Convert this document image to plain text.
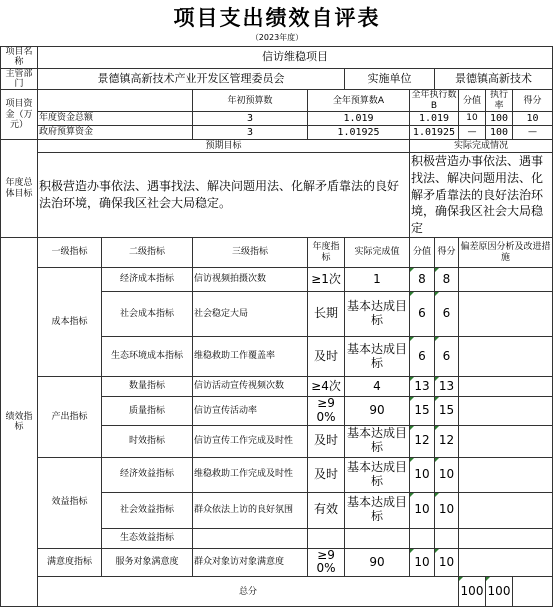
项目支出绩效自评表
（2023年度）
项目名称	信访维稳项目									
主管部门	景德镇高新技术产业开发区管理委员会				实施单位		景德镇高新技术			
项目资金（万元）			年初预算数	全年预算数A		全年执行数B		分值	执行率	得分
	年度资金总额		3	1.019		1.019		10	100	10
	政府预算资金		3	1.01925		1.01925		—	100	—
年度总体目标	预期目标					实际完成情况				
	积极营造办事依法、遇事找法、解决问题用法、化解矛盾靠法的良好法治环境，确保我区社会大局稳定。					积极营造办事依法、遇事找法、解决问题用法、化解矛盾靠法的良好法治环境，确保我区社会大局稳定				
绩效指标	一级指标	二级指标	三级指标	年度指标	实际完成值	分值	得分	偏差原因分析及改进措施		
	成本指标	经济成本指标	信访视频拍摄次数	≥1次	1	8	8			
		社会成本指标	社会稳定大局	长期	基本达成目标	6	6			
		生态环境成本指标	维稳救助工作覆盖率	及时	基本达成目标	6	6			
	产出指标	数量指标	信访活动宣传视频次数	≥4次	4	13	13			
		质量指标	信访宣传活动率	≥90%	90	15	15			
		时效指标	信访宣传工作完成及时性	及时	基本达成目标	12	12			
	效益指标	经济效益指标	维稳救助工作完成及时性	及时	基本达成目标	10	10			
		社会效益指标	群众依法上访的良好氛围	有效	基本达成目标	10	10			
		生态效益指标								
	满意度指标	服务对象满意度	群众对象访对象满意度	≥90%	90	10	10			
	总分							100	100	
